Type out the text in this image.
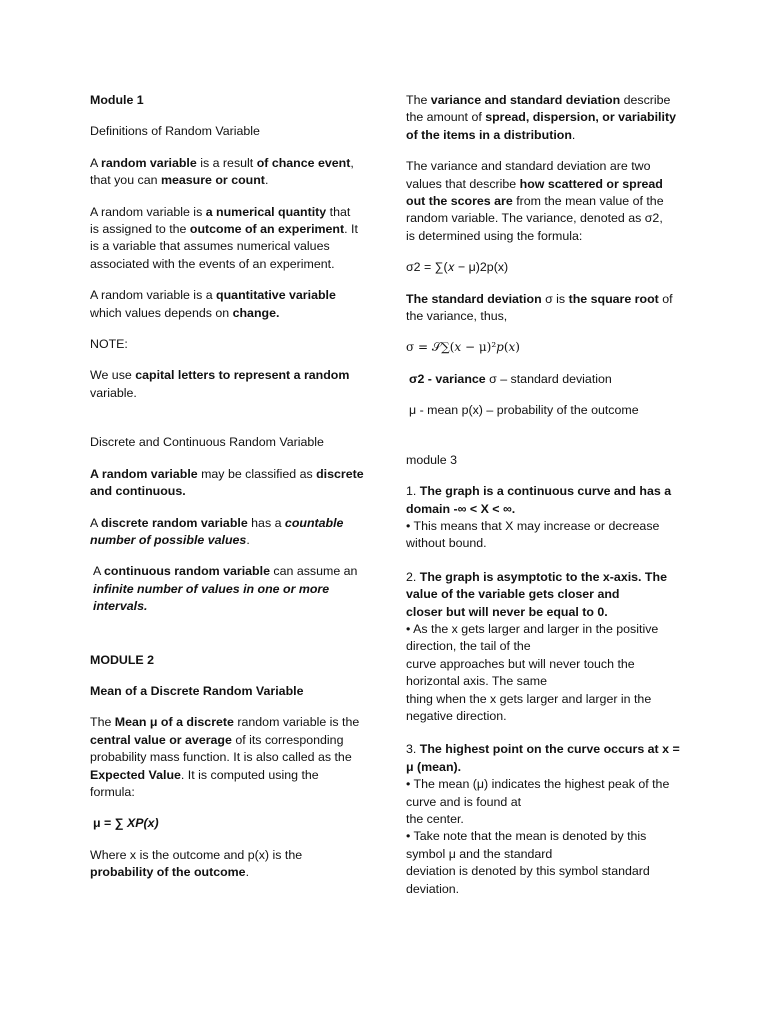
Module 1

Definitions of Random Variable

A random variable is a result of chance event,
that you can measure or count.

A random variable is a numerical quantity that
is assigned to the outcome of an experiment. It
is a variable that assumes numerical values
associated with the events of an experiment.

A random variable is a quantitative variable
which values depends on change.

NOTE:

We use capital letters to represent a random
variable.

Discrete and Continuous Random Variable

A random variable may be classified as discrete
and continuous.

A discrete random variable has a countable
number of possible values.

A continuous random variable can assume an
infinite number of values in one or more
intervals.

MODULE 2

Mean of a Discrete Random Variable

The Mean μ of a discrete random variable is the
central value or average of its corresponding
probability mass function. It is also called as the
Expected Value. It is computed using the
formula:

μ = ∑ XP(x)

Where x is the outcome and p(x) is the
probability of the outcome.

The variance and standard deviation describe
the amount of spread, dispersion, or variability
of the items in a distribution.

The variance and standard deviation are two
values that describe how scattered or spread
out the scores are from the mean value of the
random variable. The variance, denoted as σ2,
is determined using the formula:

σ2 = ∑(𝑥 − μ)2p(x)

The standard deviation σ is the square root of
the variance, thus,

σ = 𝒮∑(𝑥 − μ)²𝑝(𝑥)

σ2 - variance σ – standard deviation

μ - mean p(x) – probability of the outcome

module 3

1. The graph is a continuous curve and has a
domain -∞ < X < ∞.
• This means that X may increase or decrease
without bound.

2. The graph is asymptotic to the x-axis. The
value of the variable gets closer and
closer but will never be equal to 0.
• As the x gets larger and larger in the positive
direction, the tail of the
curve approaches but will never touch the
horizontal axis. The same
thing when the x gets larger and larger in the
negative direction.

3. The highest point on the curve occurs at x =
μ (mean).
• The mean (μ) indicates the highest peak of the
curve and is found at
the center.
• Take note that the mean is denoted by this
symbol μ and the standard
deviation is denoted by this symbol standard
deviation.
